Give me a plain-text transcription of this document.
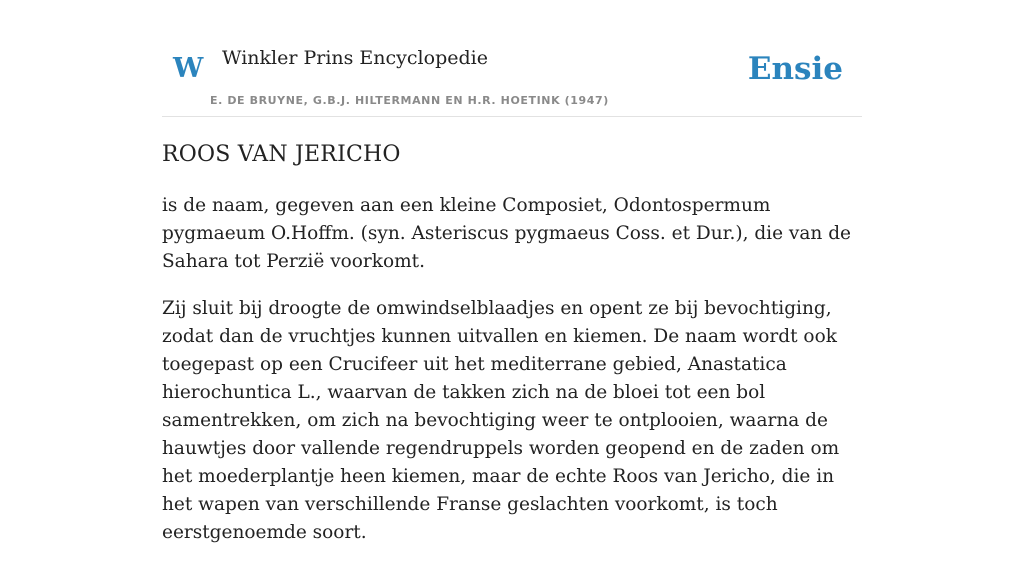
W Winkler Prins Encyclopedie
E. DE BRUYNE, G.B.J. HILTERMANN EN H.R. HOETINK (1947)
Ensie
ROOS VAN JERICHO

is de naam, gegeven aan een kleine Composiet, Odontospermum pygmaeum O.Hoffm. (syn. Asteriscus pygmaeus Coss. et Dur.), die van de Sahara tot Perzië voorkomt.

Zij sluit bij droogte de omwindselblaadjes en opent ze bij bevochtiging, zodat dan de vruchtjes kunnen uitvallen en kiemen. De naam wordt ook toegepast op een Crucifeer uit het mediterrane gebied, Anastatica hierochuntica L., waarvan de takken zich na de bloei tot een bol samentrekken, om zich na bevochtiging weer te ontplooien, waarna de hauwtjes door vallende regendruppels worden geopend en de zaden om het moederplantje heen kiemen, maar de echte Roos van Jericho, die in het wapen van verschillende Franse geslachten voorkomt, is toch eerstgenoemde soort.
